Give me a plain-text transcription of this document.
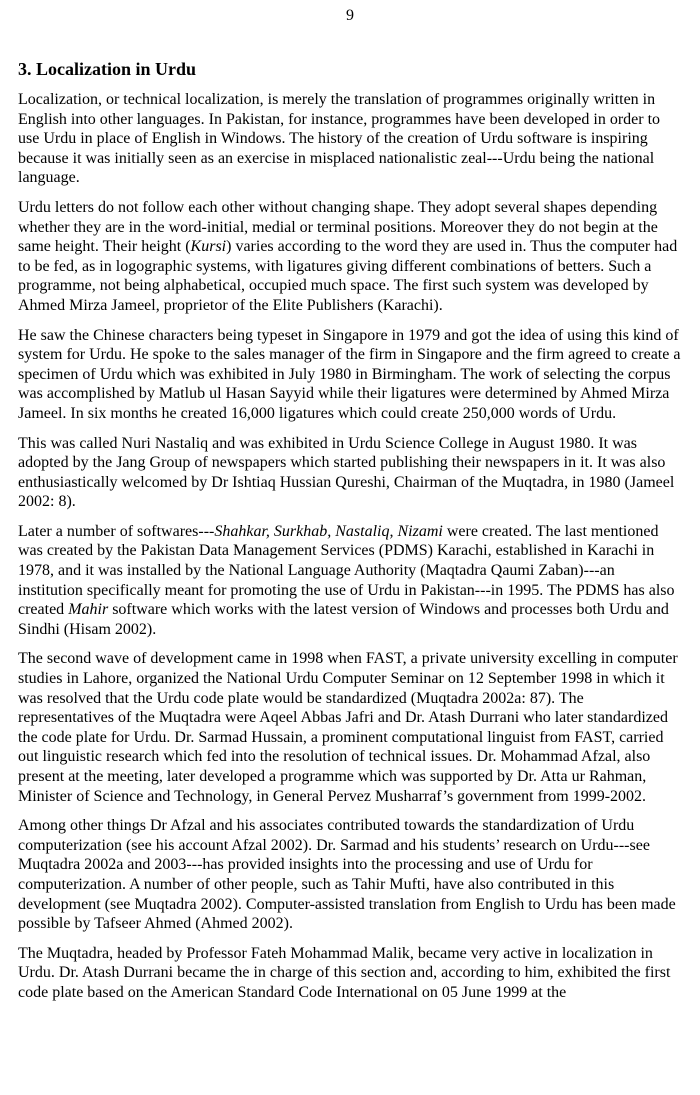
9
3. Localization in Urdu

Localization, or technical localization, is merely the translation of programmes originally written in English into other languages. In Pakistan, for instance, programmes have been developed in order to use Urdu in place of English in Windows. The history of the creation of Urdu software is inspiring because it was initially seen as an exercise in misplaced nationalistic zeal---Urdu being the national language.

Urdu letters do not follow each other without changing shape. They adopt several shapes depending whether they are in the word-initial, medial or terminal positions. Moreover they do not begin at the same height. Their height (Kursi) varies according to the word they are used in. Thus the computer had to be fed, as in logographic systems, with ligatures giving different combinations of betters. Such a programme, not being alphabetical, occupied much space. The first such system was developed by Ahmed Mirza Jameel, proprietor of the Elite Publishers (Karachi).

He saw the Chinese characters being typeset in Singapore in 1979 and got the idea of using this kind of system for Urdu. He spoke to the sales manager of the firm in Singapore and the firm agreed to create a specimen of Urdu which was exhibited in July 1980 in Birmingham. The work of selecting the corpus was accomplished by Matlub ul Hasan Sayyid while their ligatures were determined by Ahmed Mirza Jameel. In six months he created 16,000 ligatures which could create 250,000 words of Urdu.

This was called Nuri Nastaliq and was exhibited in Urdu Science College in August 1980. It was adopted by the Jang Group of newspapers which started publishing their newspapers in it. It was also enthusiastically welcomed by Dr Ishtiaq Hussian Qureshi, Chairman of the Muqtadra, in 1980 (Jameel 2002: 8).

Later a number of softwares---Shahkar, Surkhab, Nastaliq, Nizami were created. The last mentioned was created by the Pakistan Data Management Services (PDMS) Karachi, established in Karachi in 1978, and it was installed by the National Language Authority (Maqtadra Qaumi Zaban)---an institution specifically meant for promoting the use of Urdu in Pakistan---in 1995. The PDMS has also created Mahir software which works with the latest version of Windows and processes both Urdu and Sindhi (Hisam 2002).

The second wave of development came in 1998 when FAST, a private university excelling in computer studies in Lahore, organized the National Urdu Computer Seminar on 12 September 1998 in which it was resolved that the Urdu code plate would be standardized (Muqtadra 2002a: 87). The representatives of the Muqtadra were Aqeel Abbas Jafri and Dr. Atash Durrani who later standardized the code plate for Urdu. Dr. Sarmad Hussain, a prominent computational linguist from FAST, carried out linguistic research which fed into the resolution of technical issues. Dr. Mohammad Afzal, also present at the meeting, later developed a programme which was supported by Dr. Atta ur Rahman, Minister of Science and Technology, in General Pervez Musharraf’s government from 1999-2002.

Among other things Dr Afzal and his associates contributed towards the standardization of Urdu computerization (see his account Afzal 2002). Dr. Sarmad and his students’ research on Urdu---see Muqtadra 2002a and 2003---has provided insights into the processing and use of Urdu for computerization. A number of other people, such as Tahir Mufti, have also contributed in this development (see Muqtadra 2002). Computer-assisted translation from English to Urdu has been made possible by Tafseer Ahmed (Ahmed 2002).

The Muqtadra, headed by Professor Fateh Mohammad Malik, became very active in localization in Urdu. Dr. Atash Durrani became the in charge of this section and, according to him, exhibited the first code plate based on the American Standard Code International on 05 June 1999 at the
